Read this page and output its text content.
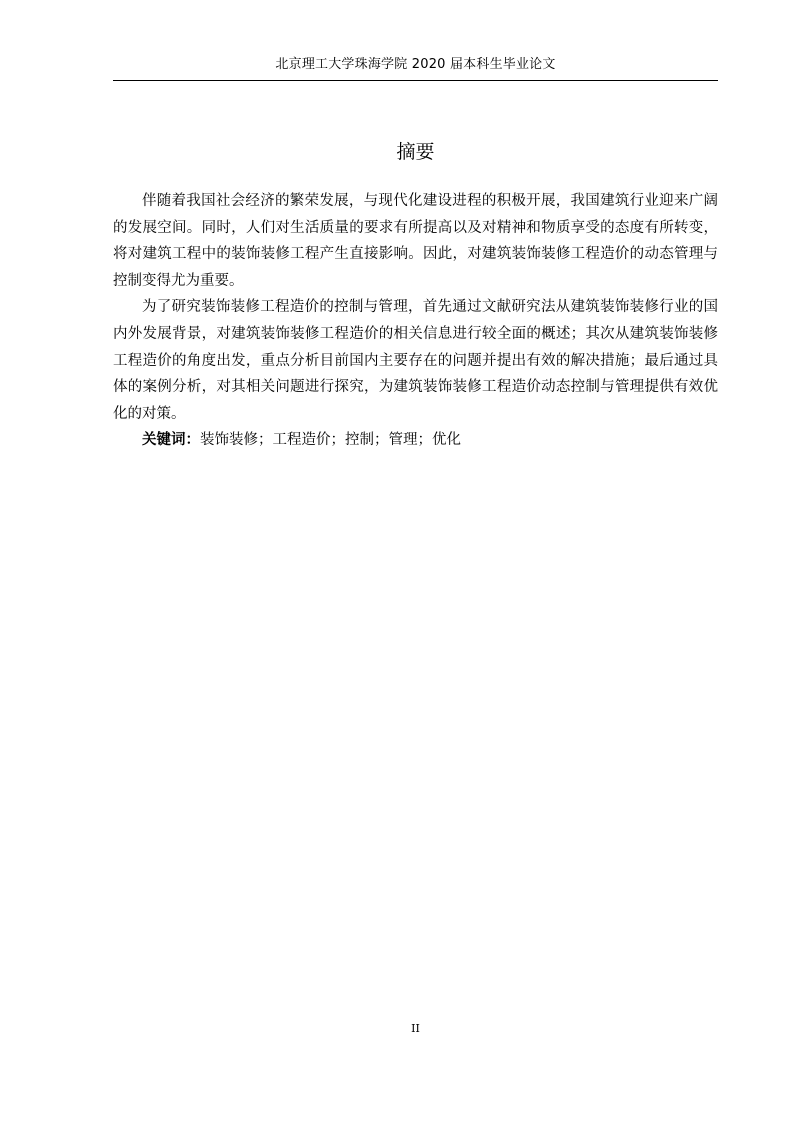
北京理工大学珠海学院 2020 届本科生毕业论文
摘要

伴随着我国社会经济的繁荣发展，与现代化建设进程的积极开展，我国建筑行业迎来广阔的发展空间。同时，人们对生活质量的要求有所提高以及对精神和物质享受的态度有所转变，将对建筑工程中的装饰装修工程产生直接影响。因此，对建筑装饰装修工程造价的动态管理与控制变得尤为重要。

为了研究装饰装修工程造价的控制与管理，首先通过文献研究法从建筑装饰装修行业的国内外发展背景，对建筑装饰装修工程造价的相关信息进行较全面的概述；其次从建筑装饰装修工程造价的角度出发，重点分析目前国内主要存在的问题并提出有效的解决措施；最后通过具体的案例分析，对其相关问题进行探究，为建筑装饰装修工程造价动态控制与管理提供有效优化的对策。

关键词：装饰装修；工程造价；控制；管理；优化

II
